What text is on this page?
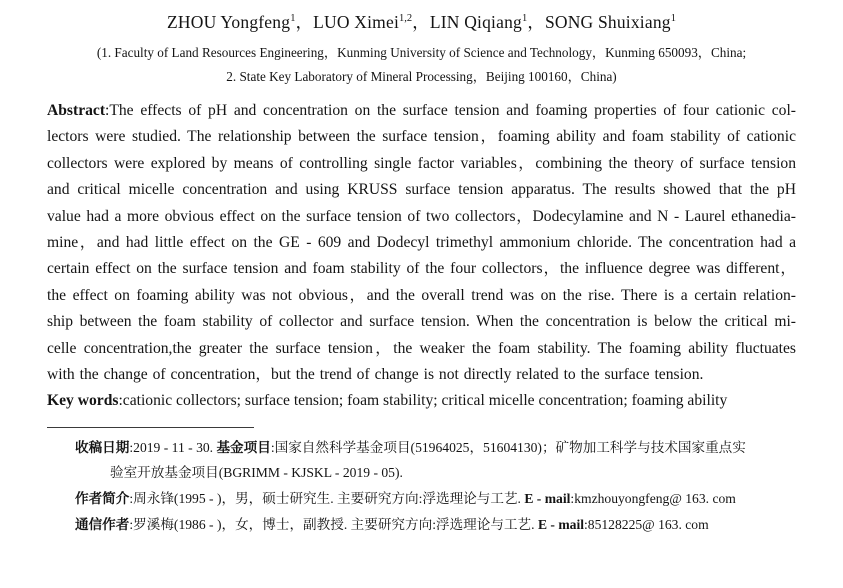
ZHOU Yongfeng$^1$，LUO Ximei$^{1,2}$，LIN Qiqiang$^1$，SONG Shuixiang$^1$
(1. Faculty of Land Resources Engineering，Kunming University of Science and Technology，Kunming 650093，China;
2. State Key Laboratory of Mineral Processing，Beijing 100160，China)
Abstract:The effects of pH and concentration on the surface tension and foaming properties of four cationic col-
lectors were studied. The relationship between the surface tension，foaming ability and foam stability of cationic
collectors were explored by means of controlling single factor variables，combining the theory of surface tension
and critical micelle concentration and using KRUSS surface tension apparatus. The results showed that the pH
value had a more obvious effect on the surface tension of two collectors，Dodecylamine and N - Laurel ethanedia-
mine，and had little effect on the GE - 609 and Dodecyl trimethyl ammonium chloride. The concentration had a
certain effect on the surface tension and foam stability of the four collectors，the influence degree was different，
the effect on foaming ability was not obvious，and the overall trend was on the rise. There is a certain relation-
ship between the foam stability of collector and surface tension. When the concentration is below the critical mi-
celle concentration,the greater the surface tension，the weaker the foam stability. The foaming ability fluctuates
with the change of concentration，but the trend of change is not directly related to the surface tension.
Key words:cationic collectors; surface tension; foam stability; critical micelle concentration; foaming ability
收稿日期:2019 - 11 - 30. 基金项目:国家自然科学基金项目(51964025，51604130)；矿物加工科学与技术国家重点实
验室开放基金项目(BGRIMM - KJSKL - 2019 - 05).
作者简介:周永锋(1995 - )，男，硕士研究生. 主要研究方向:浮选理论与工艺. E - mail:kmzhouyongfeng@ 163. com
通信作者:罗溪梅(1986 - )，女，博士，副教授. 主要研究方向:浮选理论与工艺. E - mail:85128225@ 163. com
